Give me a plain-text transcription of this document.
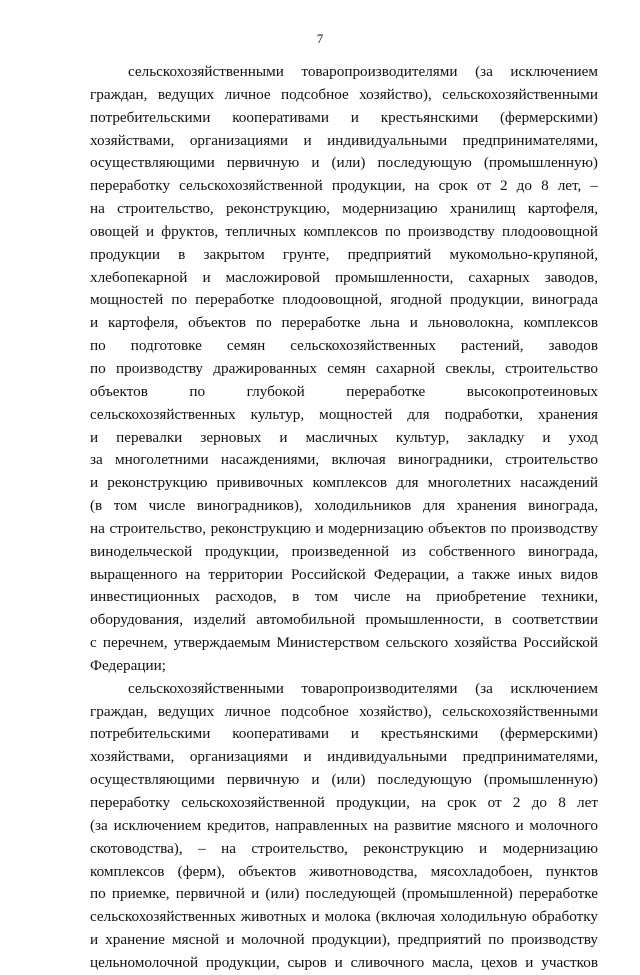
7
сельскохозяйственными товаропроизводителями (за исключением
граждан, ведущих личное подсобное хозяйство), сельскохозяйственными
потребительскими кооперативами и крестьянскими (фермерскими)
хозяйствами, организациями и индивидуальными предпринимателями,
осуществляющими первичную и (или) последующую (промышленную)
переработку сельскохозяйственной продукции, на срок от 2 до 8 лет, –
на строительство, реконструкцию, модернизацию хранилищ картофеля,
овощей и фруктов, тепличных комплексов по производству плодоовощной
продукции в закрытом грунте, предприятий мукомольно-крупяной,
хлебопекарной и масложировой промышленности, сахарных заводов,
мощностей по переработке плодоовощной, ягодной продукции, винограда
и картофеля, объектов по переработке льна и льноволокна, комплексов
по подготовке семян сельскохозяйственных растений, заводов
по производству дражированных семян сахарной свеклы, строительство
объектов по глубокой переработке высокопротеиновых
сельскохозяйственных культур, мощностей для подработки, хранения
и перевалки зерновых и масличных культур, закладку и уход
за многолетними насаждениями, включая виноградники, строительство
и реконструкцию прививочных комплексов для многолетних насаждений
(в том числе виноградников), холодильников для хранения винограда,
на строительство, реконструкцию и модернизацию объектов по производству
винодельческой продукции, произведенной из собственного винограда,
выращенного на территории Российской Федерации, а также иных видов
инвестиционных расходов, в том числе на приобретение техники,
оборудования, изделий автомобильной промышленности, в соответствии
с перечнем, утверждаемым Министерством сельского хозяйства Российской
Федерации;
сельскохозяйственными товаропроизводителями (за исключением
граждан, ведущих личное подсобное хозяйство), сельскохозяйственными
потребительскими кооперативами и крестьянскими (фермерскими)
хозяйствами, организациями и индивидуальными предпринимателями,
осуществляющими первичную и (или) последующую (промышленную)
переработку сельскохозяйственной продукции, на срок от 2 до 8 лет
(за исключением кредитов, направленных на развитие мясного и молочного
скотоводства), – на строительство, реконструкцию и модернизацию
комплексов (ферм), объектов животноводства, мясохладобоен, пунктов
по приемке, первичной и (или) последующей (промышленной) переработке
сельскохозяйственных животных и молока (включая холодильную обработку
и хранение мясной и молочной продукции), предприятий по производству
цельномолочной продукции, сыров и сливочного масла, цехов и участков
